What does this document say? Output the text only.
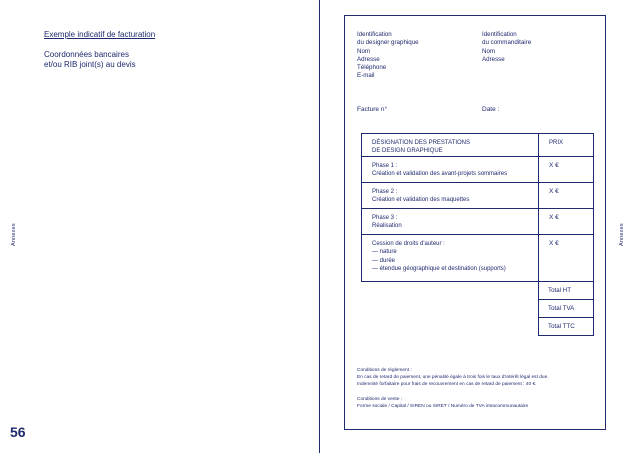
Annexes
Exemple indicatif de facturation
Coordonnées bancaires
et/ou RIB joint(s) au devis
56
Annexes
Identification
du designer graphique
Nom
Adresse
Téléphone
E-mail
Identification
du commanditaire
Nom
Adresse
Facture n°	Date :
DÉSIGNATION DES PRESTATIONS
DE DESIGN GRAPHIQUE
PRIX
Phase 1 :
Création et validation des avant-projets sommaires
X €
Phase 2 :
Création et validation des maquettes
X €
Phase 3 :
Réalisation
X €
Cession de droits d'auteur :
— nature
— durée
— étendue géographique et destination (supports)
X €
Total HT
Total TVA
Total TTC
Conditions de règlement :
En cas de retard de paiement, une pénalité égale à trois fois le taux d'intérêt légal est due.
Indemnité forfaitaire pour frais de recouvrement en cas de retard de paiement : 40 €.
Conditions de vente :
Forme sociale / Capital / SIREN ou SIRET / Numéro de TVA intracommunautaire
